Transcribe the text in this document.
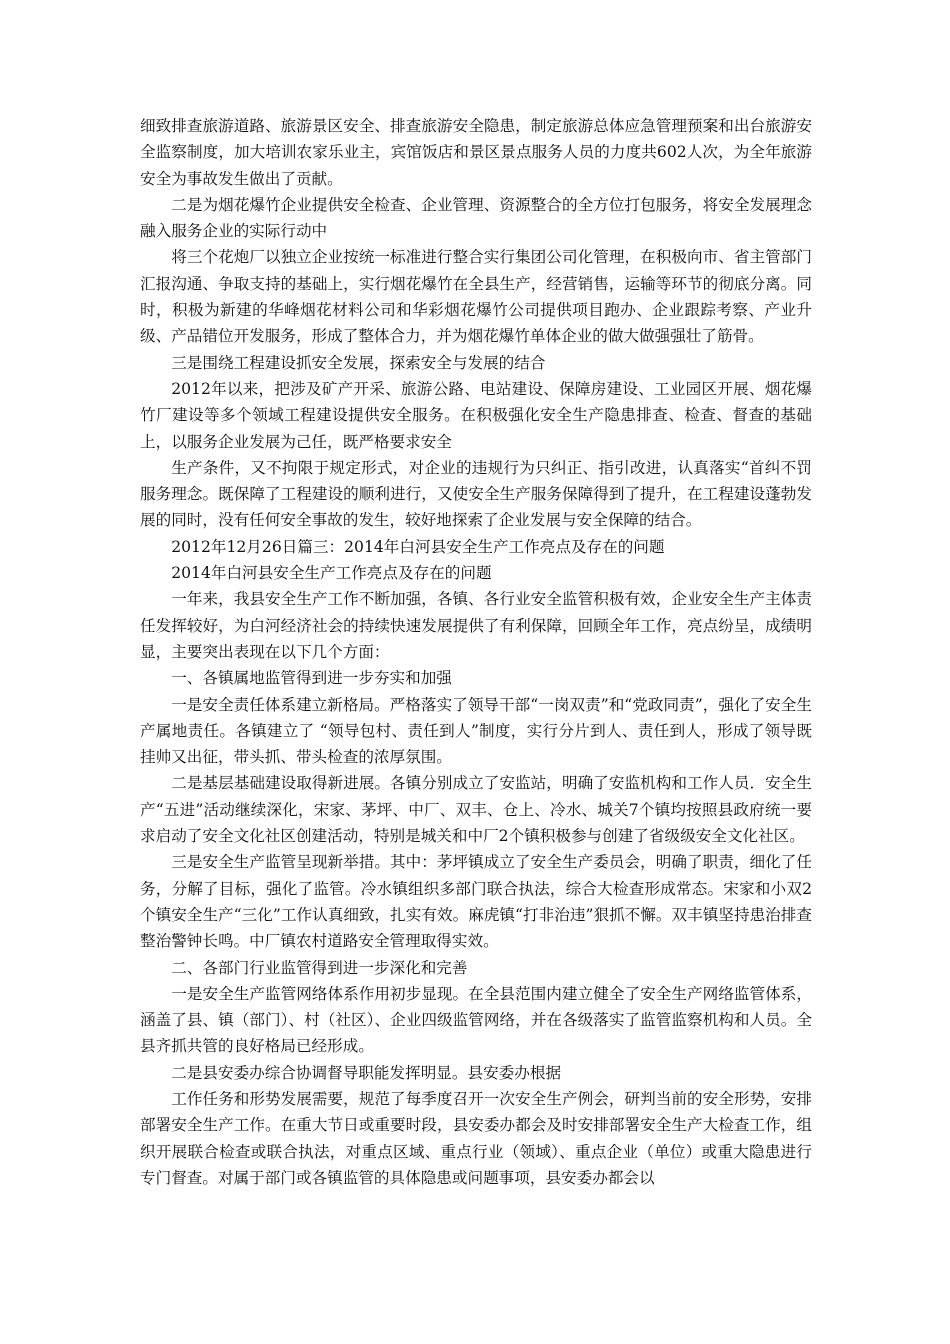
细致排查旅游道路、旅游景区安全、排查旅游安全隐患，制定旅游总体应急管理预案和出台旅游安全监察制度，加大培训农家乐业主，宾馆饭店和景区景点服务人员的力度共602人次，为全年旅游安全为事故发生做出了贡献。

二是为烟花爆竹企业提供安全检查、企业管理、资源整合的全方位打包服务，将安全发展理念融入服务企业的实际行动中

将三个花炮厂以独立企业按统一标准进行整合实行集团公司化管理，在积极向市、省主管部门汇报沟通、争取支持的基础上，实行烟花爆竹在全县生产，经营销售，运输等环节的彻底分离。同时，积极为新建的华峰烟花材料公司和华彩烟花爆竹公司提供项目跑办、企业跟踪考察、产业升级、产品错位开发服务，形成了整体合力，并为烟花爆竹单体企业的做大做强强壮了筋骨。

三是围绕工程建设抓安全发展，探索安全与发展的结合

2012年以来，把涉及矿产开采、旅游公路、电站建设、保障房建设、工业园区开展、烟花爆竹厂建设等多个领域工程建设提供安全服务。在积极强化安全生产隐患排查、检查、督查的基础上，以服务企业发展为己任，既严格要求安全

生产条件，又不拘限于规定形式，对企业的违规行为只纠正、指引改进，认真落实“首纠不罚服务理念。既保障了工程建设的顺利进行，又使安全生产服务保障得到了提升，在工程建设蓬勃发展的同时，没有任何安全事故的发生，较好地探索了企业发展与安全保障的结合。

2012年12月26日篇三：2014年白河县安全生产工作亮点及存在的问题

2014年白河县安全生产工作亮点及存在的问题

一年来，我县安全生产工作不断加强，各镇、各行业安全监管积极有效，企业安全生产主体责任发挥较好，为白河经济社会的持续快速发展提供了有利保障，回顾全年工作，亮点纷呈，成绩明显，主要突出表现在以下几个方面：

一、各镇属地监管得到进一步夯实和加强

一是安全责任体系建立新格局。严格落实了领导干部“一岗双责”和“党政同责”，强化了安全生产属地责任。各镇建立了 “领导包村、责任到人”制度，实行分片到人、责任到人，形成了领导既挂帅又出征，带头抓、带头检查的浓厚氛围。

二是基层基础建设取得新进展。各镇分别成立了安监站，明确了安监机构和工作人员．安全生产“五进”活动继续深化，宋家、茅坪、中厂、双丰、仓上、冷水、城关7个镇均按照县政府统一要求启动了安全文化社区创建活动，特别是城关和中厂2个镇积极参与创建了省级级安全文化社区。

三是安全生产监管呈现新举措。其中：茅坪镇成立了安全生产委员会，明确了职责，细化了任务，分解了目标，强化了监管。冷水镇组织多部门联合执法，综合大检查形成常态。宋家和小双2个镇安全生产“三化”工作认真细致，扎实有效。麻虎镇“打非治违”狠抓不懈。双丰镇坚持患治排查整治警钟长鸣。中厂镇农村道路安全管理取得实效。

二、各部门行业监管得到进一步深化和完善

一是安全生产监管网络体系作用初步显现。在全县范围内建立健全了安全生产网络监管体系，涵盖了县、镇（部门）、村（社区）、企业四级监管网络，并在各级落实了监管监察机构和人员。全县齐抓共管的良好格局已经形成。

二是县安委办综合协调督导职能发挥明显。县安委办根据

工作任务和形势发展需要，规范了每季度召开一次安全生产例会，研判当前的安全形势，安排部署安全生产工作。在重大节日或重要时段，县安委办都会及时安排部署安全生产大检查工作，组织开展联合检查或联合执法，对重点区域、重点行业（领域）、重点企业（单位）或重大隐患进行专门督查。对属于部门或各镇监管的具体隐患或问题事项，县安委办都会以
